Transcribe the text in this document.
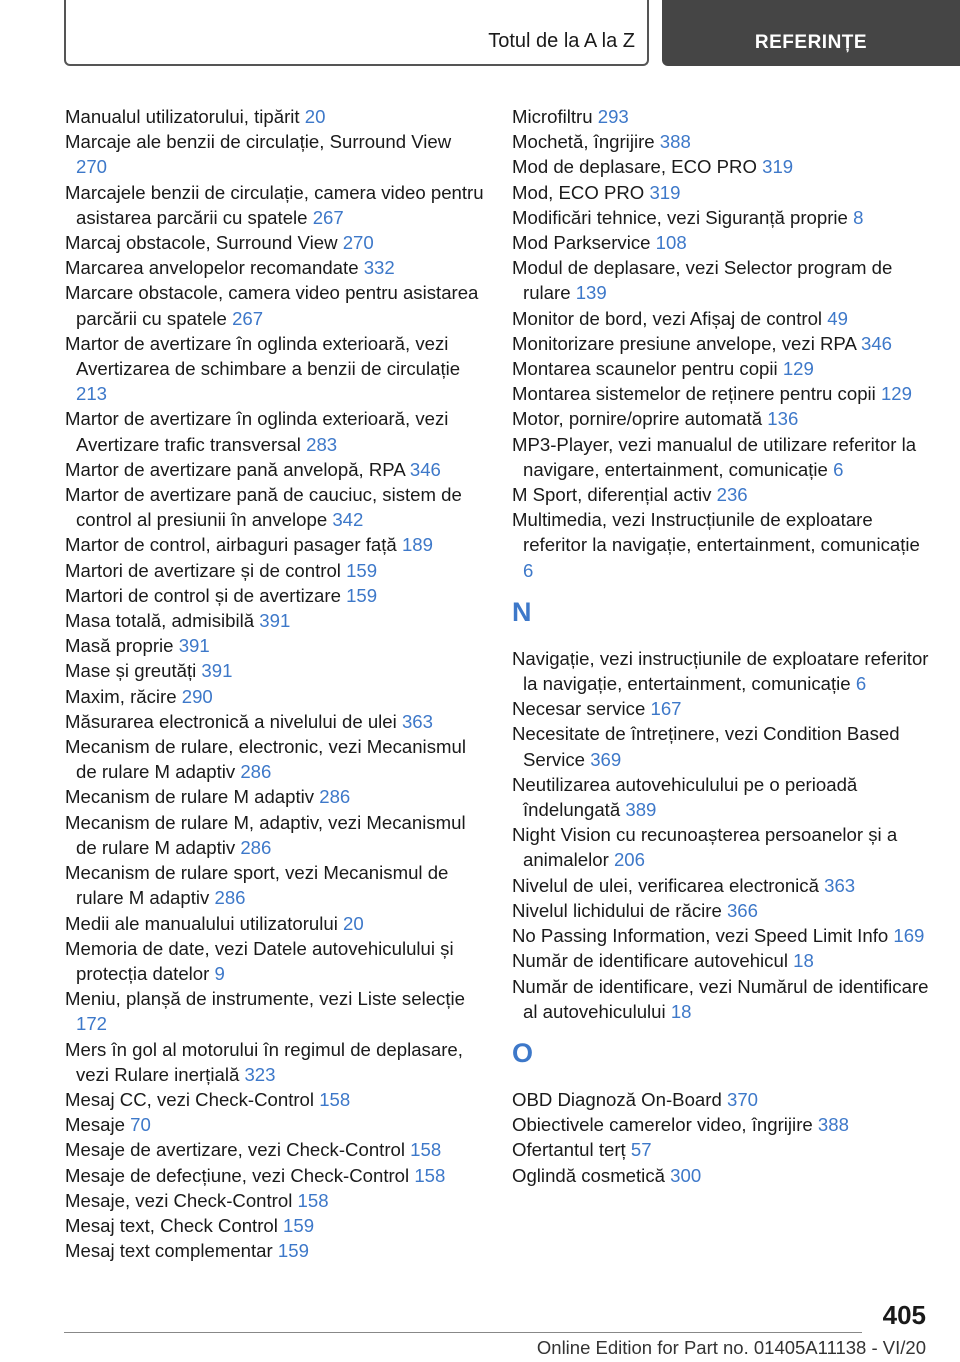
Totul de la A la Z	REFERINȚE
Manualul utilizatorului, tipărit 20
Marcaje ale benzii de circulație, Surround View 270
Marcajele benzii de circulație, camera video pentru asistarea parcării cu spatele 267
Marcaj obstacole, Surround View 270
Marcarea anvelopelor recomandate 332
Marcare obstacole, camera video pentru asistarea parcării cu spatele 267
Martor de avertizare în oglinda exterioară, vezi Avertizarea de schimbare a benzii de circulație 213
Martor de avertizare în oglinda exterioară, vezi Avertizare trafic transversal 283
Martor de avertizare pană anvelopă, RPA 346
Martor de avertizare pană de cauciuc, sistem de control al presiunii în anvelope 342
Martor de control, airbaguri pasager față 189
Martori de avertizare și de control 159
Martori de control și de avertizare 159
Masa totală, admisibilă 391
Masă proprie 391
Mase și greutăți 391
Maxim, răcire 290
Măsurarea electronică a nivelului de ulei 363
Mecanism de rulare, electronic, vezi Mecanismul de rulare M adaptiv 286
Mecanism de rulare M adaptiv 286
Mecanism de rulare M, adaptiv, vezi Mecanismul de rulare M adaptiv 286
Mecanism de rulare sport, vezi Mecanismul de rulare M adaptiv 286
Medii ale manualului utilizatorului 20
Memoria de date, vezi Datele autovehiculului și protecția datelor 9
Meniu, planșă de instrumente, vezi Liste selecție 172
Mers în gol al motorului în regimul de deplasare, vezi Rulare inerțială 323
Mesaj CC, vezi Check-Control 158
Mesaje 70
Mesaje de avertizare, vezi Check-Control 158
Mesaje de defecțiune, vezi Check-Control 158
Mesaje, vezi Check-Control 158
Mesaj text, Check Control 159
Mesaj text complementar 159
Microfiltru 293
Mochetă, îngrijire 388
Mod de deplasare, ECO PRO 319
Mod, ECO PRO 319
Modificări tehnice, vezi Siguranță proprie 8
Mod Parkservice 108
Modul de deplasare, vezi Selector program de rulare 139
Monitor de bord, vezi Afișaj de control 49
Monitorizare presiune anvelope, vezi RPA 346
Montarea scaunelor pentru copii 129
Montarea sistemelor de reținere pentru copii 129
Motor, pornire/oprire automată 136
MP3-Player, vezi manualul de utilizare referitor la navigare, entertainment, comunicație 6
M Sport, diferențial activ 236
Multimedia, vezi Instrucțiunile de exploatare referitor la navigație, entertainment, comunicație 6
N
Navigație, vezi instrucțiunile de exploatare referitor la navigație, entertainment, comunicație 6
Necesar service 167
Necesitate de întreținere, vezi Condition Based Service 369
Neutilizarea autovehiculului pe o perioadă îndelungată 389
Night Vision cu recunoașterea persoanelor și a animalelor 206
Nivelul de ulei, verificarea electronică 363
Nivelul lichidului de răcire 366
No Passing Information, vezi Speed Limit Info 169
Număr de identificare autovehicul 18
Număr de identificare, vezi Numărul de identificare al autovehiculului 18
O
OBD Diagnoză On-Board 370
Obiectivele camerelor video, îngrijire 388
Ofertantul terț 57
Oglindă cosmetică 300
405
Online Edition for Part no. 01405A11138 - VI/20
